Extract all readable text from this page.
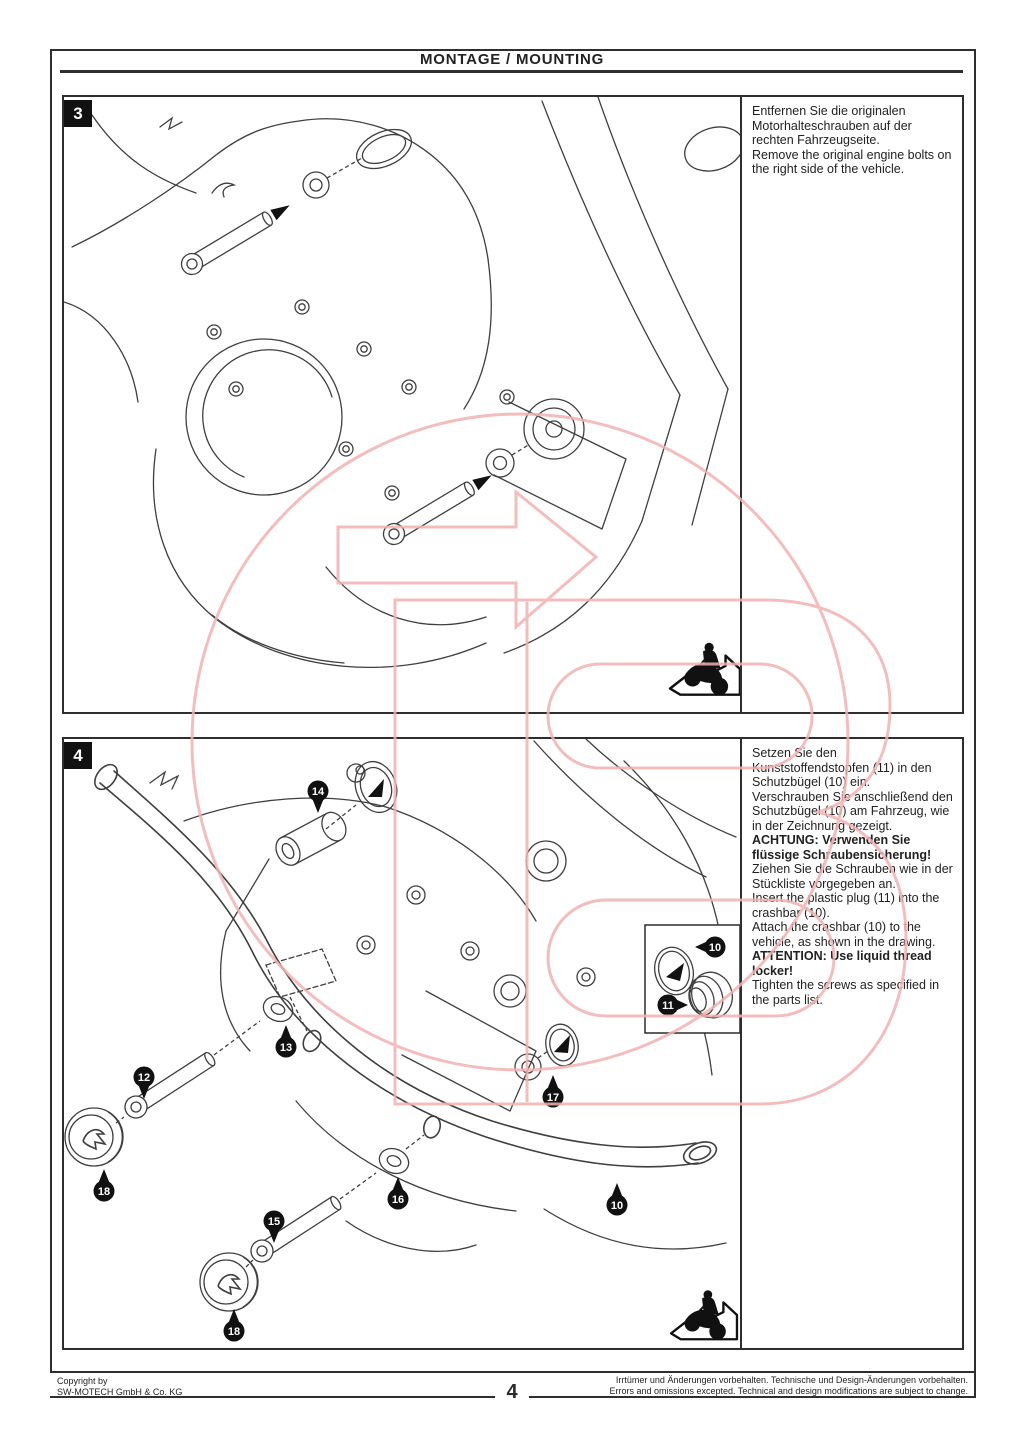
MONTAGE / MOUNTING
3	Entfernen Sie die originalen Motorhalteschrauben auf der rechten Fahrzeugseite.

Remove the original engine bolts on the right side of the vehicle.

4
10
11
14
13
12
18
15
16
18
17
10

Setzen Sie den Kunststoffendstopfen (11) in den Schutzbügel (10) ein.

Verschrauben Sie anschließend den Schutzbügel (10) am Fahrzeug, wie in der Zeichnung gezeigt.

ACHTUNG: Verwenden Sie flüssige Schraubensicherung!

Ziehen Sie die Schrauben wie in der Stückliste vorgegeben an.

Insert the plastic plug (11) into the crashbar (10).

Attach the crashbar (10) to the vehicle, as shown in the drawing.

ATTENTION: Use liquid thread locker!

Tighten the screws as specified in the parts list.

Copyright by
SW-MOTECH GmbH & Co. KG
Irrtümer und Änderungen vorbehalten. Technische und Design-Änderungen vorbehalten.
Errors and omissions excepted. Technical and design modifications are subject to change.
4
